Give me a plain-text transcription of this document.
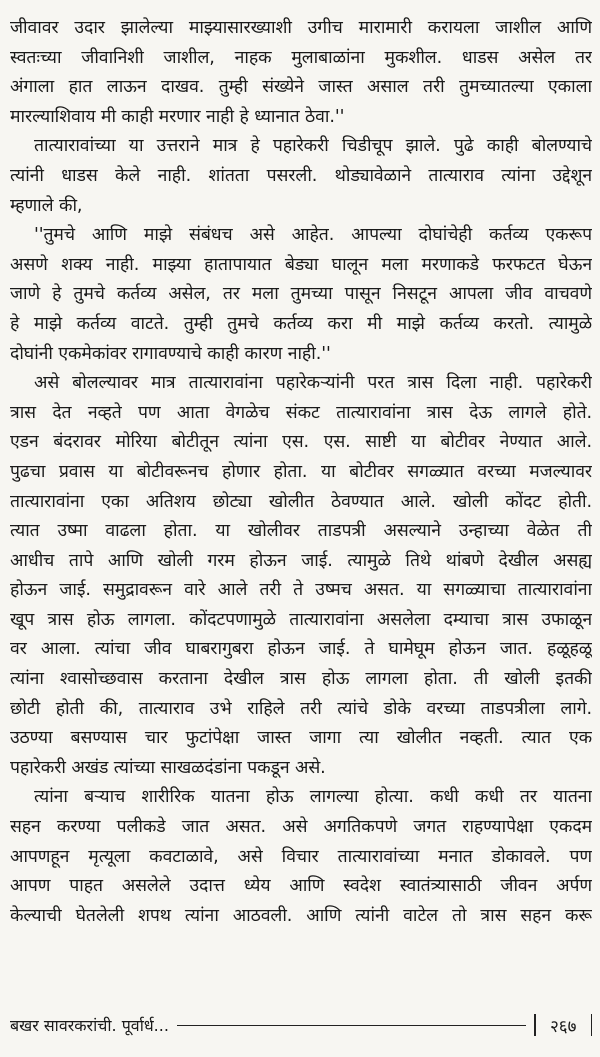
जीवावर उदार झालेल्या माझ्यासारख्याशी उगीच मारामारी करायला जाशील आणि
स्वतःच्या जीवानिशी जाशील, नाहक मुलाबाळांना मुकशील. धाडस असेल तर
अंगाला हात लाऊन दाखव. तुम्ही संख्येने जास्त असाल तरी तुमच्यातल्या एकाला
मारल्याशिवाय मी काही मरणार नाही हे ध्यानात ठेवा.''
तात्यारावांच्या या उत्तराने मात्र हे पहारेकरी चिडीचूप झाले. पुढे काही बोलण्याचे
त्यांनी धाडस केले नाही. शांतता पसरली. थोड्यावेळाने तात्याराव त्यांना उद्देशून
म्हणाले की,
''तुमचे आणि माझे संबंधच असे आहेत. आपल्या दोघांचेही कर्तव्य एकरूप
असणे शक्य नाही. माझ्या हातापायात बेड्या घालून मला मरणाकडे फरफटत घेऊन
जाणे हे तुमचे कर्तव्य असेल, तर मला तुमच्या पासून निसटून आपला जीव वाचवणे
हे माझे कर्तव्य वाटते. तुम्ही तुमचे कर्तव्य करा मी माझे कर्तव्य करतो. त्यामुळे
दोघांनी एकमेकांवर रागावण्याचे काही कारण नाही.''
असे बोलल्यावर मात्र तात्यारावांना पहारेकऱ्यांनी परत त्रास दिला नाही. पहारेकरी
त्रास देत नव्हते पण आता वेगळेच संकट तात्यारावांना त्रास देऊ लागले होते.
एडन बंदरावर मोरिया बोटीतून त्यांना एस. एस. साष्टी या बोटीवर नेण्यात आले.
पुढचा प्रवास या बोटीवरूनच होणार होता. या बोटीवर सगळ्यात वरच्या मजल्यावर
तात्यारावांना एका अतिशय छोट्या खोलीत ठेवण्यात आले. खोली कोंदट होती.
त्यात उष्मा वाढला होता. या खोलीवर ताडपत्री असल्याने उन्हाच्या वेळेत ती
आधीच तापे आणि खोली गरम होऊन जाई. त्यामुळे तिथे थांबणे देखील असह्य
होऊन जाई. समुद्रावरून वारे आले तरी ते उष्मच असत. या सगळ्याचा तात्यारावांना
खूप त्रास होऊ लागला. कोंदटपणामुळे तात्यारावांना असलेला दम्याचा त्रास उफाळून
वर आला. त्यांचा जीव घाबरागुबरा होऊन जाई. ते घामेघूम होऊन जात. हळूहळू
त्यांना श्वासोच्छवास करताना देखील त्रास होऊ लागला होता. ती खोली इतकी
छोटी होती की, तात्याराव उभे राहिले तरी त्यांचे डोके वरच्या ताडपत्रीला लागे.
उठण्या बसण्यास चार फुटांपेक्षा जास्त जागा त्या खोलीत नव्हती. त्यात एक
पहारेकरी अखंड त्यांच्या साखळदंडांना पकडून असे.
त्यांना बऱ्याच शारीरिक यातना होऊ लागल्या होत्या. कधी कधी तर यातना
सहन करण्या पलीकडे जात असत. असे अगतिकपणे जगत राहण्यापेक्षा एकदम
आपणहून मृत्यूला कवटाळावे, असे विचार तात्यारावांच्या मनात डोकावले. पण
आपण पाहत असलेले उदात्त ध्येय आणि स्वदेश स्वातंत्र्यासाठी जीवन अर्पण
केल्याची घेतलेली शपथ त्यांना आठवली. आणि त्यांनी वाटेल तो त्रास सहन करू
बखर सावरकरांची. पूर्वार्ध...	२६७
